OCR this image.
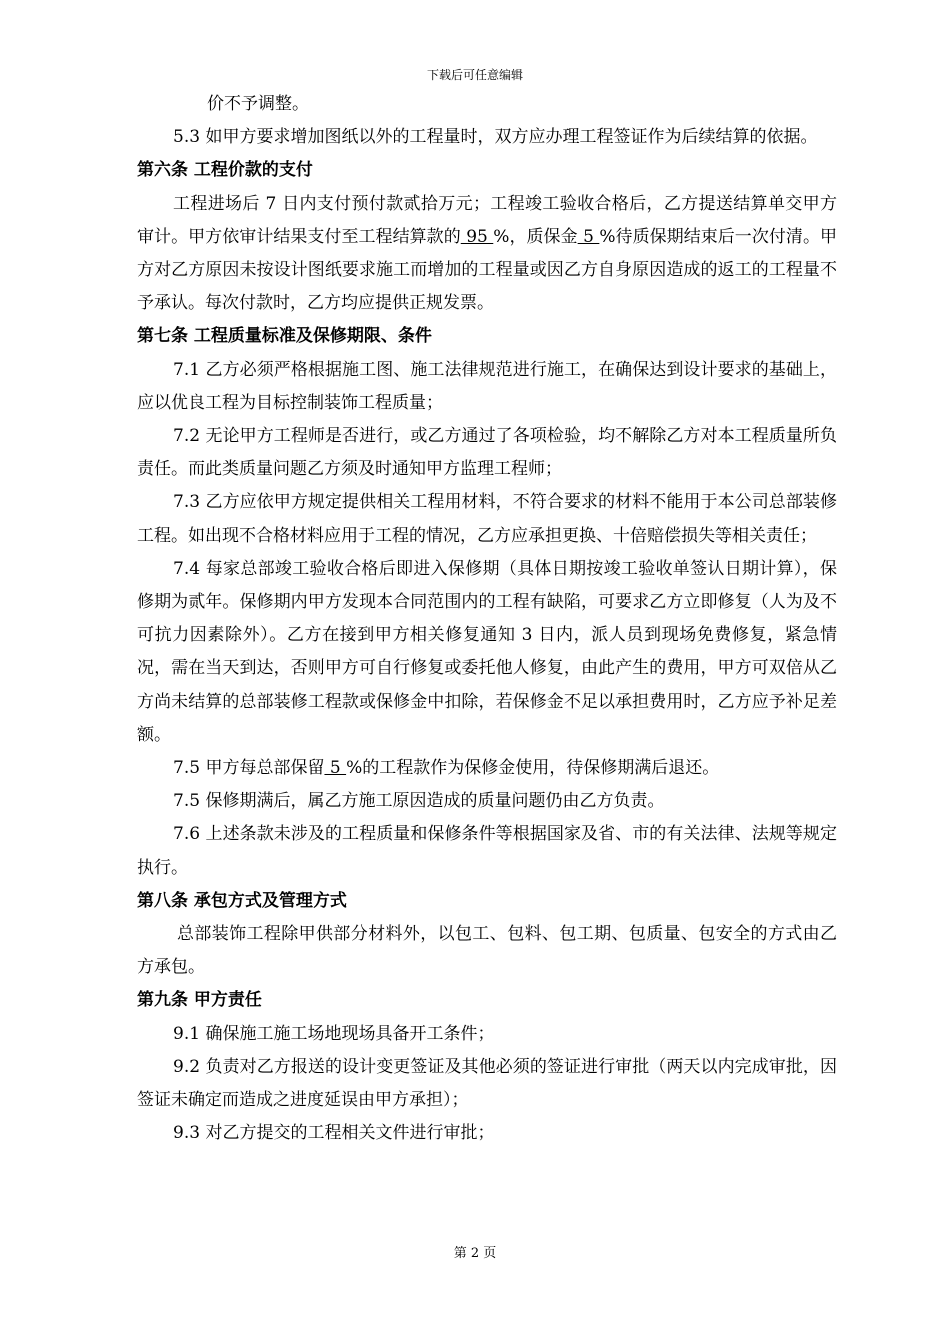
下载后可任意编辑

价不予调整。

5.3 如甲方要求增加图纸以外的工程量时，双方应办理工程签证作为后续结算的依据。

第六条 工程价款的支付

工程进场后 7 日内支付预付款贰拾万元；工程竣工验收合格后，乙方提送结算单交甲方审计。甲方依审计结果支付至工程结算款的 95 %，质保金 5 %待质保期结束后一次付清。甲方对乙方原因未按设计图纸要求施工而增加的工程量或因乙方自身原因造成的返工的工程量不予承认。每次付款时，乙方均应提供正规发票。

第七条 工程质量标准及保修期限、条件

7.1 乙方必须严格根据施工图、施工法律规范进行施工，在确保达到设计要求的基础上，应以优良工程为目标控制装饰工程质量；

7.2 无论甲方工程师是否进行，或乙方通过了各项检验，均不解除乙方对本工程质量所负责任。而此类质量问题乙方须及时通知甲方监理工程师；

7.3 乙方应依甲方规定提供相关工程用材料，不符合要求的材料不能用于本公司总部装修工程。如出现不合格材料应用于工程的情况，乙方应承担更换、十倍赔偿损失等相关责任；

7.4 每家总部竣工验收合格后即进入保修期（具体日期按竣工验收单签认日期计算），保修期为贰年。保修期内甲方发现本合同范围内的工程有缺陷，可要求乙方立即修复（人为及不可抗力因素除外）。乙方在接到甲方相关修复通知 3 日内，派人员到现场免费修复，紧急情况，需在当天到达，否则甲方可自行修复或委托他人修复，由此产生的费用，甲方可双倍从乙方尚未结算的总部装修工程款或保修金中扣除，若保修金不足以承担费用时，乙方应予补足差额。

7.5 甲方每总部保留 5 %的工程款作为保修金使用，待保修期满后退还。

7.5 保修期满后，属乙方施工原因造成的质量问题仍由乙方负责。

7.6 上述条款未涉及的工程质量和保修条件等根据国家及省、市的有关法律、法规等规定执行。

第八条 承包方式及管理方式

总部装饰工程除甲供部分材料外，以包工、包料、包工期、包质量、包安全的方式由乙方承包。

第九条 甲方责任

9.1 确保施工施工场地现场具备开工条件；

9.2 负责对乙方报送的设计变更签证及其他必须的签证进行审批（两天以内完成审批，因签证未确定而造成之进度延误由甲方承担）；

9.3 对乙方提交的工程相关文件进行审批；

第 2 页
